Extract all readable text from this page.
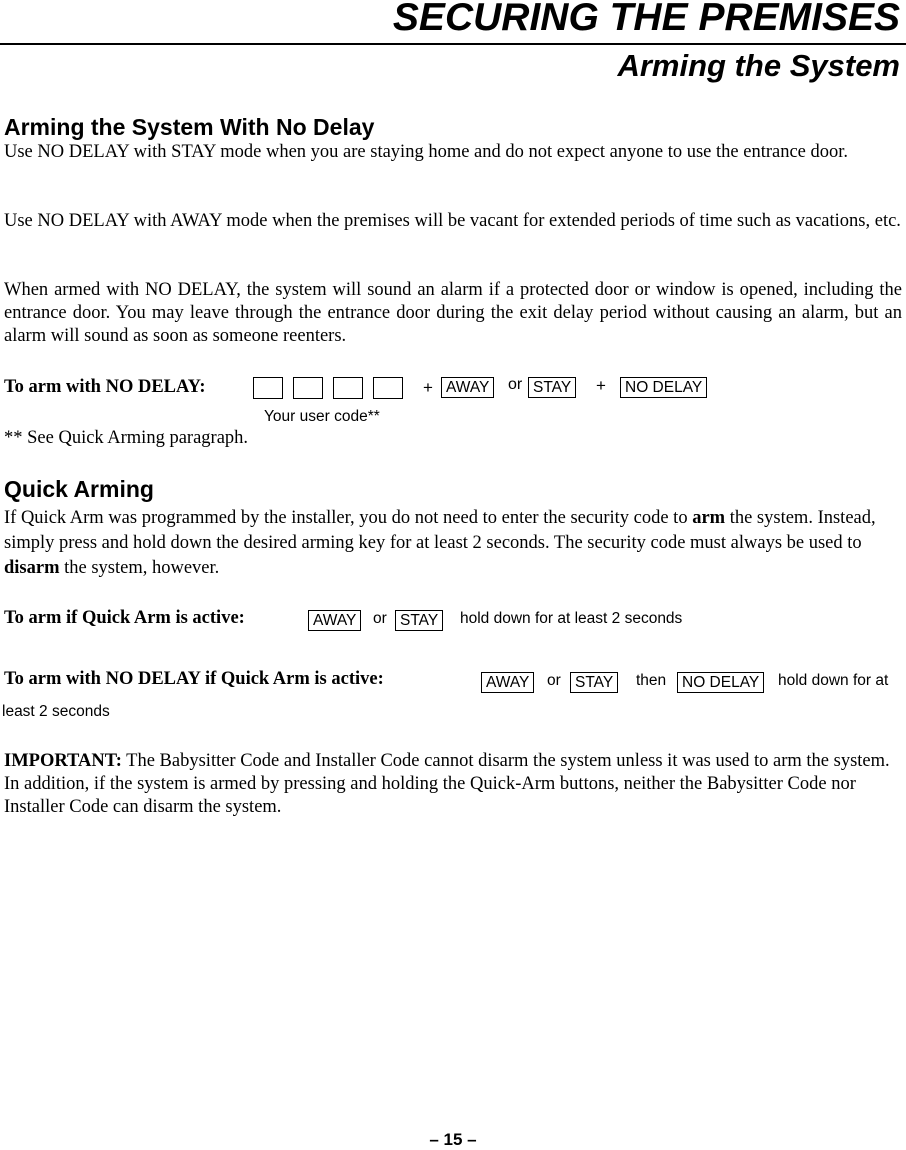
SECURING THE PREMISES
Arming the System
Arming the System With No Delay
Use NO DELAY with STAY mode when you are staying home and do not expect anyone to use the entrance door.
Use NO DELAY with AWAY mode when the premises will be vacant for extended periods of time such as vacations, etc.
When armed with NO DELAY, the system will sound an alarm if a protected door or window is opened, including the entrance door. You may leave through the entrance door during the exit delay period without causing an alarm, but an alarm will sound as soon as someone reenters.
To arm with NO DELAY:	+ AWAY	or STAY +	NO DELAY
Your user code**
** See Quick Arming paragraph.
Quick Arming
If Quick Arm was programmed by the installer, you do not need to enter the security code to arm the system. Instead, simply press and hold down the desired arming key for at least 2 seconds. The security code must always be used to disarm the system, however.
To arm if Quick Arm is active:	AWAY	or STAY	hold down for at least 2 seconds
To arm with NO DELAY if Quick Arm is active:	AWAY	or STAY	then	NO DELAY	hold down for at
least 2 seconds
IMPORTANT: The Babysitter Code and Installer Code cannot disarm the system unless it was used to arm the system. In addition, if the system is armed by pressing and holding the Quick-Arm buttons, neither the Babysitter Code nor Installer Code can disarm the system.
– 15 –
